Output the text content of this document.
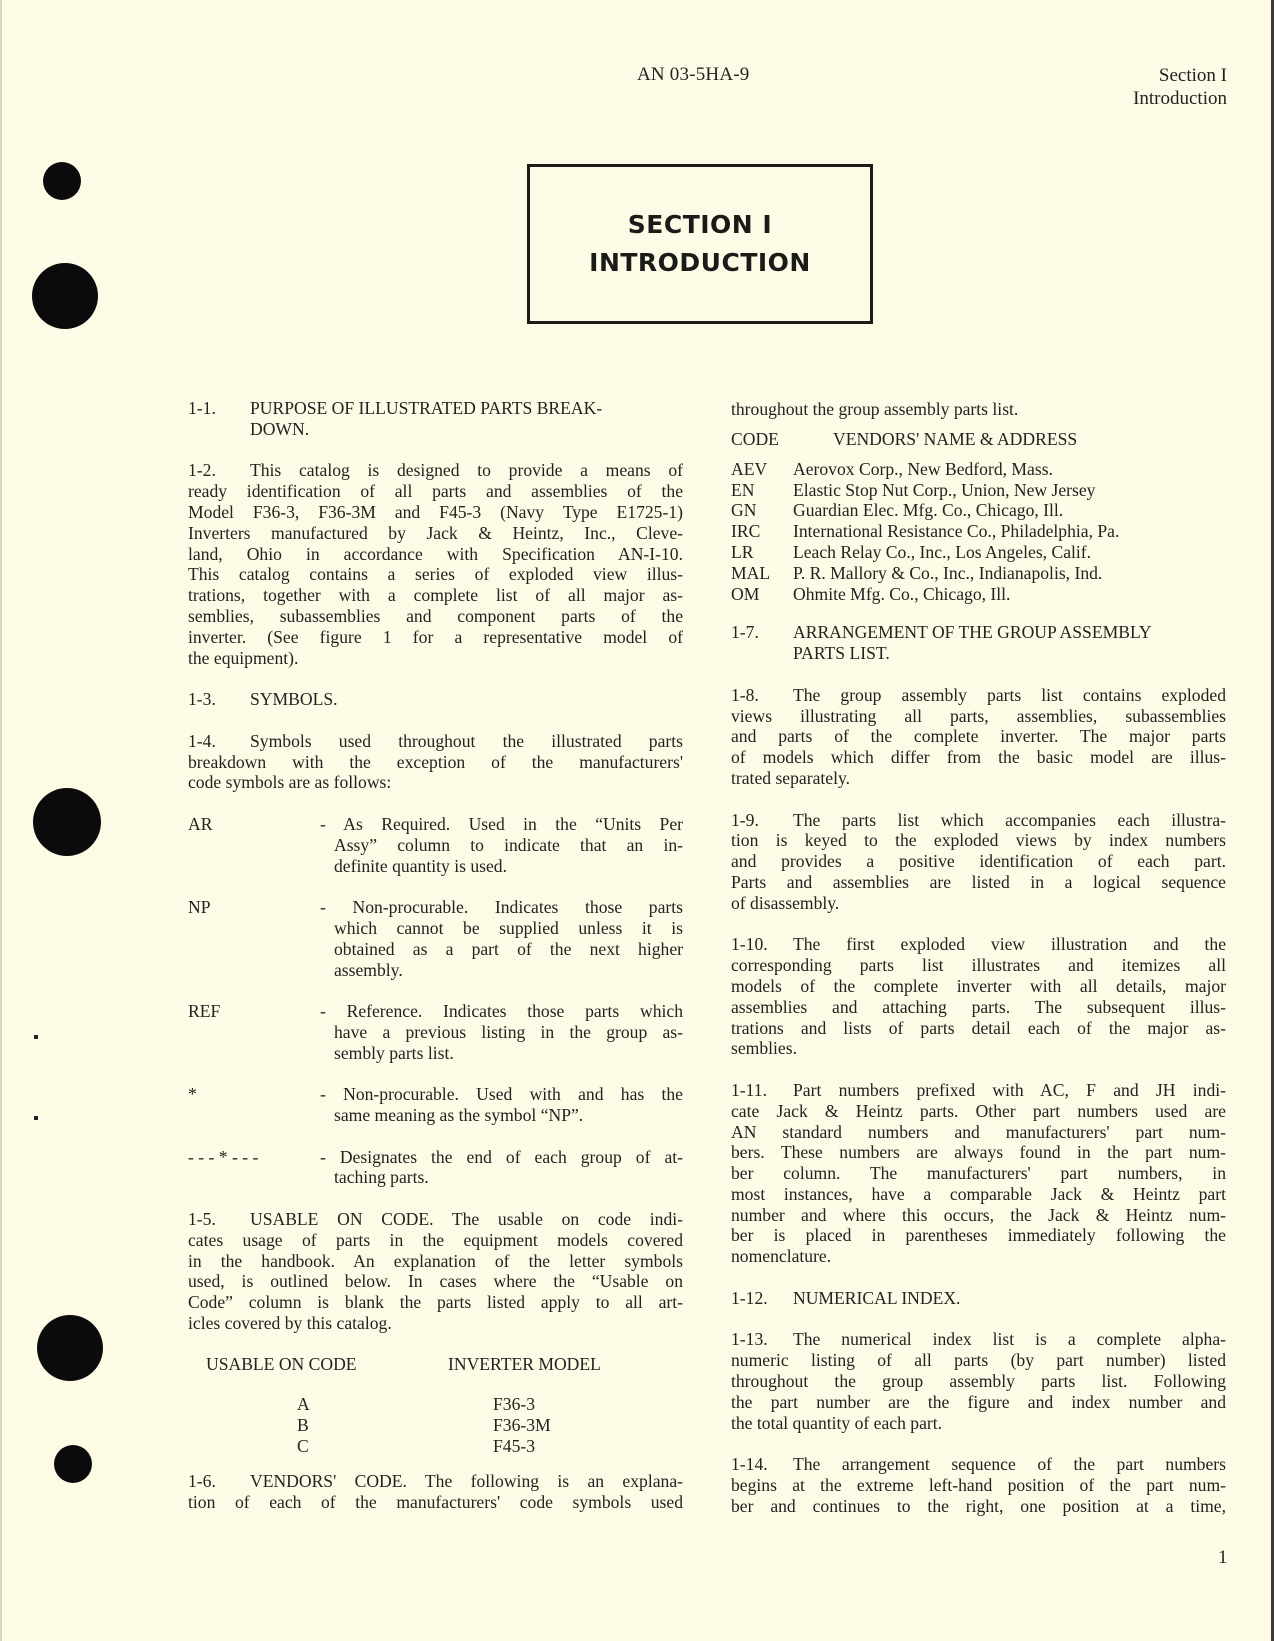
AN 03-5HA-9	Section I
Introduction
SECTION I
INTRODUCTION
1-1. PURPOSE OF ILLUSTRATED PARTS BREAK-
DOWN.
1-2. This catalog is designed to provide a means of
ready identification of all parts and assemblies of the
Model F36-3, F36-3M and F45-3 (Navy Type E1725-1)
Inverters manufactured by Jack & Heintz, Inc., Cleve-
land, Ohio in accordance with Specification AN-I-10.
This catalog contains a series of exploded view illus-
trations, together with a complete list of all major as-
semblies, subassemblies and component parts of the
inverter. (See figure 1 for a representative model of
the equipment).
1-3. SYMBOLS.
1-4. Symbols used throughout the illustrated parts
breakdown with the exception of the manufacturers'
code symbols are as follows:
AR	- As Required. Used in the “Units Per
Assy” column to indicate that an in-
definite quantity is used.
NP	- Non-procurable. Indicates those parts
which cannot be supplied unless it is
obtained as a part of the next higher
assembly.
REF	- Reference. Indicates those parts which
have a previous listing in the group as-
sembly parts list.
*	- Non-procurable. Used with and has the
same meaning as the symbol “NP”.
- - - * - - -	- Designates the end of each group of at-
taching parts.
1-5. USABLE ON CODE. The usable on code indi-
cates usage of parts in the equipment models covered
in the handbook. An explanation of the letter symbols
used, is outlined below. In cases where the “Usable on
Code” column is blank the parts listed apply to all art-
icles covered by this catalog.
USABLE ON CODE	INVERTER MODEL
A	F36-3
B	F36-3M
C	F45-3
1-6. VENDORS' CODE. The following is an explana-
tion of each of the manufacturers' code symbols used
throughout the group assembly parts list.
CODE	VENDORS' NAME & ADDRESS
AEV	Aerovox Corp., New Bedford, Mass.
EN	Elastic Stop Nut Corp., Union, New Jersey
GN	Guardian Elec. Mfg. Co., Chicago, Ill.
IRC	International Resistance Co., Philadelphia, Pa.
LR	Leach Relay Co., Inc., Los Angeles, Calif.
MAL	P. R. Mallory & Co., Inc., Indianapolis, Ind.
OM	Ohmite Mfg. Co., Chicago, Ill.
1-7. ARRANGEMENT OF THE GROUP ASSEMBLY
PARTS LIST.
1-8. The group assembly parts list contains exploded
views illustrating all parts, assemblies, subassemblies
and parts of the complete inverter. The major parts
of models which differ from the basic model are illus-
trated separately.
1-9. The parts list which accompanies each illustra-
tion is keyed to the exploded views by index numbers
and provides a positive identification of each part.
Parts and assemblies are listed in a logical sequence
of disassembly.
1-10. The first exploded view illustration and the
corresponding parts list illustrates and itemizes all
models of the complete inverter with all details, major
assemblies and attaching parts. The subsequent illus-
trations and lists of parts detail each of the major as-
semblies.
1-11. Part numbers prefixed with AC, F and JH indi-
cate Jack & Heintz parts. Other part numbers used are
AN standard numbers and manufacturers' part num-
bers. These numbers are always found in the part num-
ber column. The manufacturers' part numbers, in
most instances, have a comparable Jack & Heintz part
number and where this occurs, the Jack & Heintz num-
ber is placed in parentheses immediately following the
nomenclature.
1-12. NUMERICAL INDEX.
1-13. The numerical index list is a complete alpha-
numeric listing of all parts (by part number) listed
throughout the group assembly parts list. Following
the part number are the figure and index number and
the total quantity of each part.
1-14. The arrangement sequence of the part numbers
begins at the extreme left-hand position of the part num-
ber and continues to the right, one position at a time,
1
